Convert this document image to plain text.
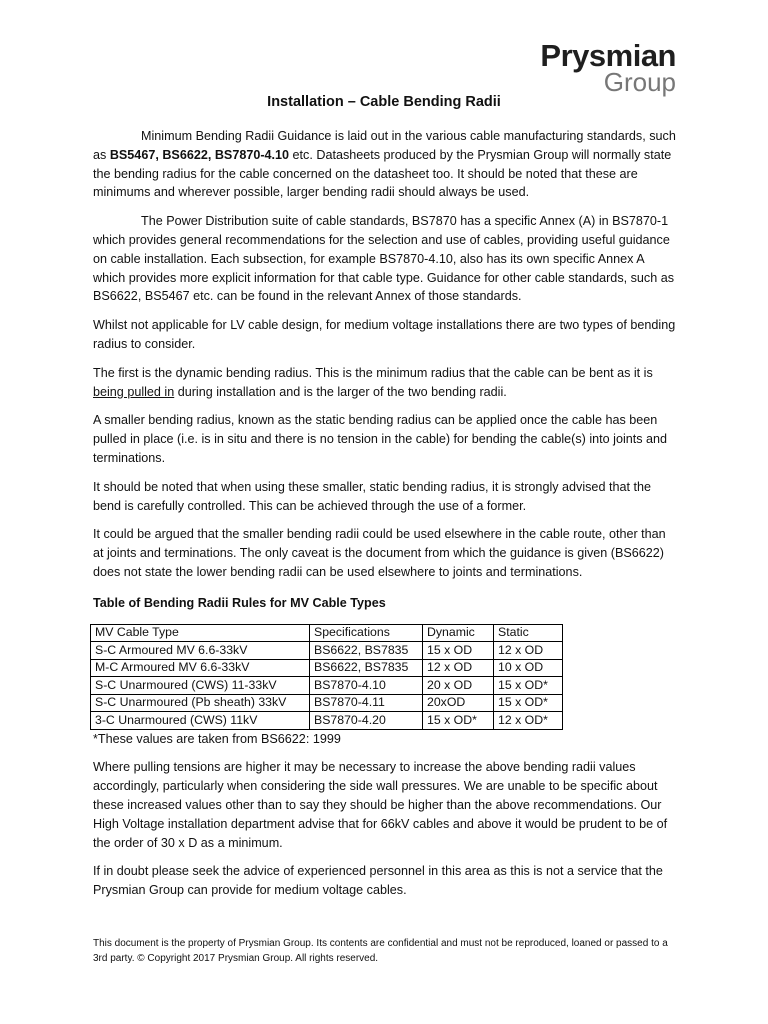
Prysmian
Group
Installation – Cable Bending Radii

Minimum Bending Radii Guidance is laid out in the various cable manufacturing standards, such as BS5467, BS6622, BS7870-4.10 etc. Datasheets produced by the Prysmian Group will normally state the bending radius for the cable concerned on the datasheet too. It should be noted that these are minimums and wherever possible, larger bending radii should always be used.

The Power Distribution suite of cable standards, BS7870 has a specific Annex (A) in BS7870-1 which provides general recommendations for the selection and use of cables, providing useful guidance on cable installation. Each subsection, for example BS7870-4.10, also has its own specific Annex A which provides more explicit information for that cable type. Guidance for other cable standards, such as BS6622, BS5467 etc. can be found in the relevant Annex of those standards.

Whilst not applicable for LV cable design, for medium voltage installations there are two types of bending radius to consider.

The first is the dynamic bending radius. This is the minimum radius that the cable can be bent as it is being pulled in during installation and is the larger of the two bending radii.

A smaller bending radius, known as the static bending radius can be applied once the cable has been pulled in place (i.e. is in situ and there is no tension in the cable) for bending the cable(s) into joints and terminations.

It should be noted that when using these smaller, static bending radius, it is strongly advised that the bend is carefully controlled. This can be achieved through the use of a former.

It could be argued that the smaller bending radii could be used elsewhere in the cable route, other than at joints and terminations. The only caveat is the document from which the guidance is given (BS6622) does not state the lower bending radii can be used elsewhere to joints and terminations.

Table of Bending Radii Rules for MV Cable Types
MV Cable Type	Specifications	Dynamic	Static
S-C Armoured MV 6.6-33kV	BS6622, BS7835	15 x OD	12 x OD
M-C Armoured MV 6.6-33kV	BS6622, BS7835	12 x OD	10 x OD
S-C Unarmoured (CWS) 11-33kV	BS7870-4.10	20 x OD	15 x OD*
S-C Unarmoured (Pb sheath) 33kV	BS7870-4.11	20xOD	15 x OD*
3-C Unarmoured (CWS) 11kV	BS7870-4.20	15 x OD*	12 x OD*

*These values are taken from BS6622: 1999

Where pulling tensions are higher it may be necessary to increase the above bending radii values accordingly, particularly when considering the side wall pressures. We are unable to be specific about these increased values other than to say they should be higher than the above recommendations. Our High Voltage installation department advise that for 66kV cables and above it would be prudent to be of the order of 30 x D as a minimum.

If in doubt please seek the advice of experienced personnel in this area as this is not a service that the Prysmian Group can provide for medium voltage cables.

This document is the property of Prysmian Group. Its contents are confidential and must not be reproduced, loaned or passed to a 3rd party. © Copyright 2017 Prysmian Group. All rights reserved.
